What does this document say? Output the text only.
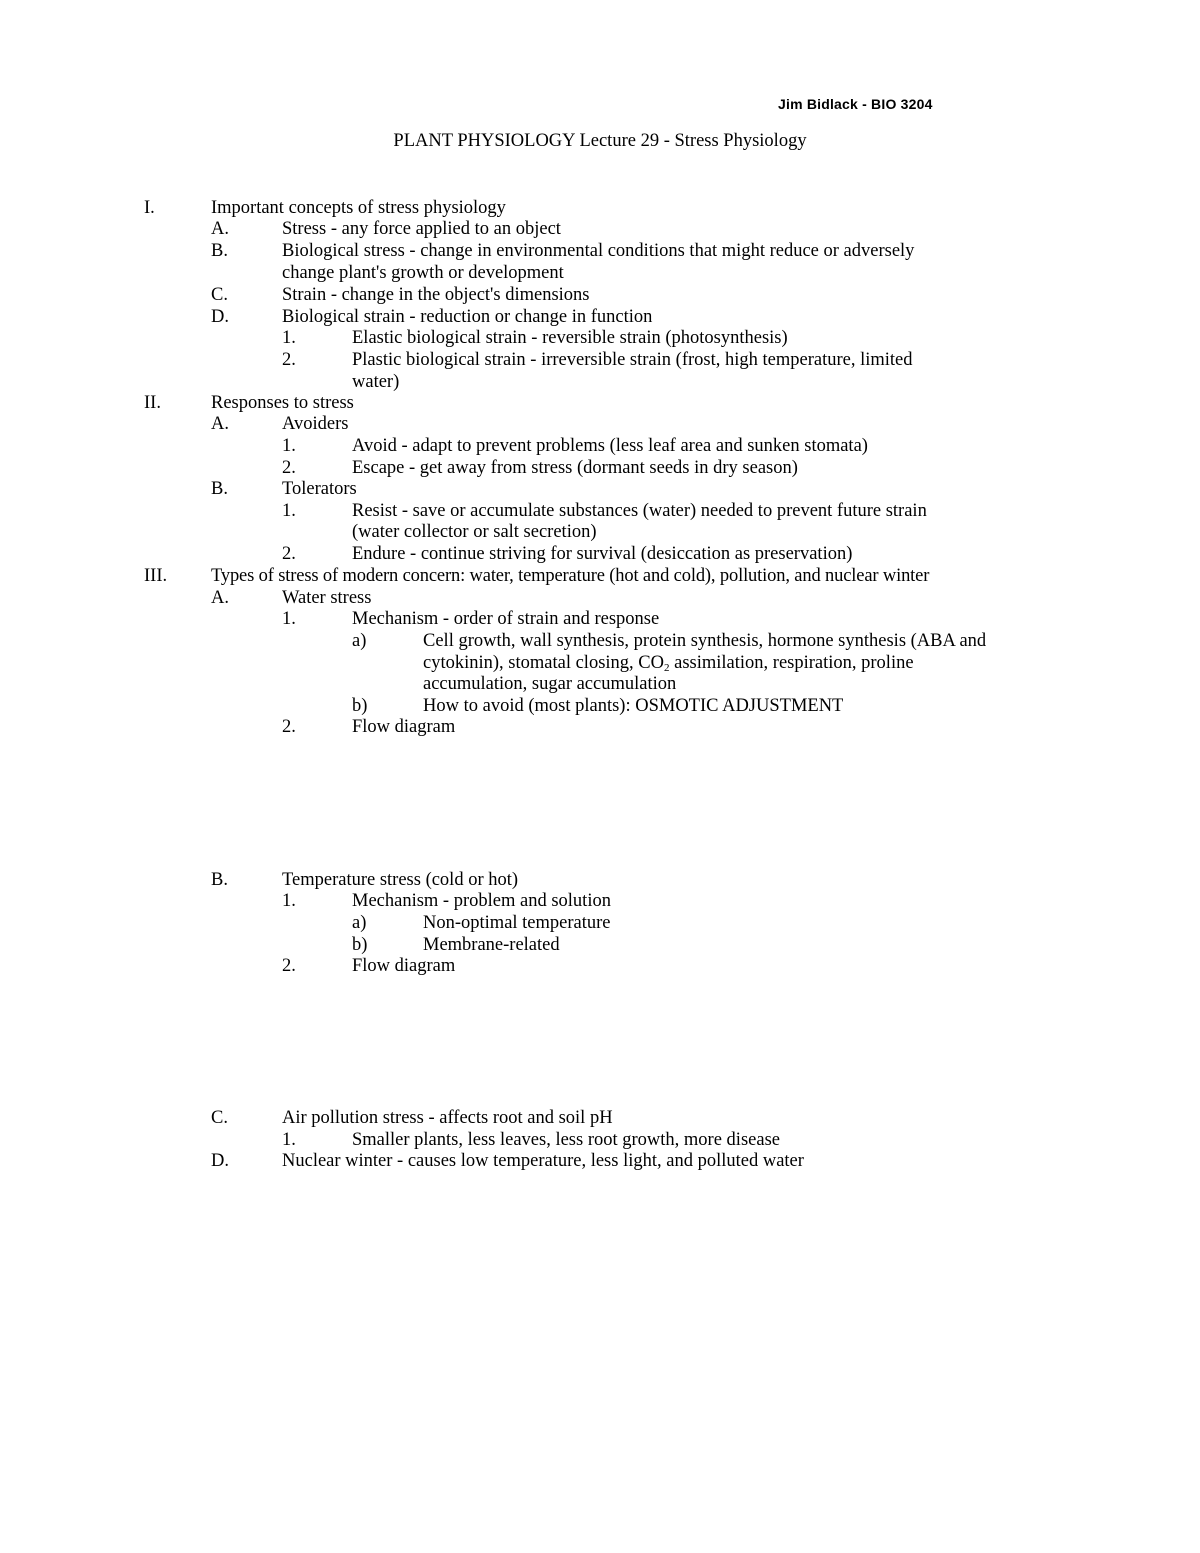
Jim Bidlack - BIO 3204
PLANT PHYSIOLOGY Lecture 29 - Stress Physiology
I.	Important concepts of stress physiology
A.	Stress - any force applied to an object
B.	Biological stress - change in environmental conditions that might reduce or adversely
change plant's growth or development
C.	Strain - change in the object's dimensions
D.	Biological strain - reduction or change in function
1.	Elastic biological strain - reversible strain (photosynthesis)
2.	Plastic biological strain - irreversible strain (frost, high temperature, limited
water)
II.	Responses to stress
A.	Avoiders
1.	Avoid - adapt to prevent problems (less leaf area and sunken stomata)
2.	Escape - get away from stress (dormant seeds in dry season)
B.	Tolerators
1.	Resist - save or accumulate substances (water) needed to prevent future strain
(water collector or salt secretion)
2.	Endure - continue striving for survival (desiccation as preservation)
III. Types of stress of modern concern: water, temperature (hot and cold), pollution, and nuclear winter
A.	Water stress
1.	Mechanism - order of strain and response
a)	Cell growth, wall synthesis, protein synthesis, hormone synthesis (ABA and
cytokinin), stomatal closing, $CO_2$ assimilation, respiration, proline
accumulation, sugar accumulation
b)	How to avoid (most plants): OSMOTIC ADJUSTMENT
2.	Flow diagram
B.	Temperature stress (cold or hot)
1.	Mechanism - problem and solution
a)	Non-optimal temperature
b)	Membrane-related
2.	Flow diagram
C.	Air pollution stress - affects root and soil pH
1.	Smaller plants, less leaves, less root growth, more disease
D.	Nuclear winter - causes low temperature, less light, and polluted water
